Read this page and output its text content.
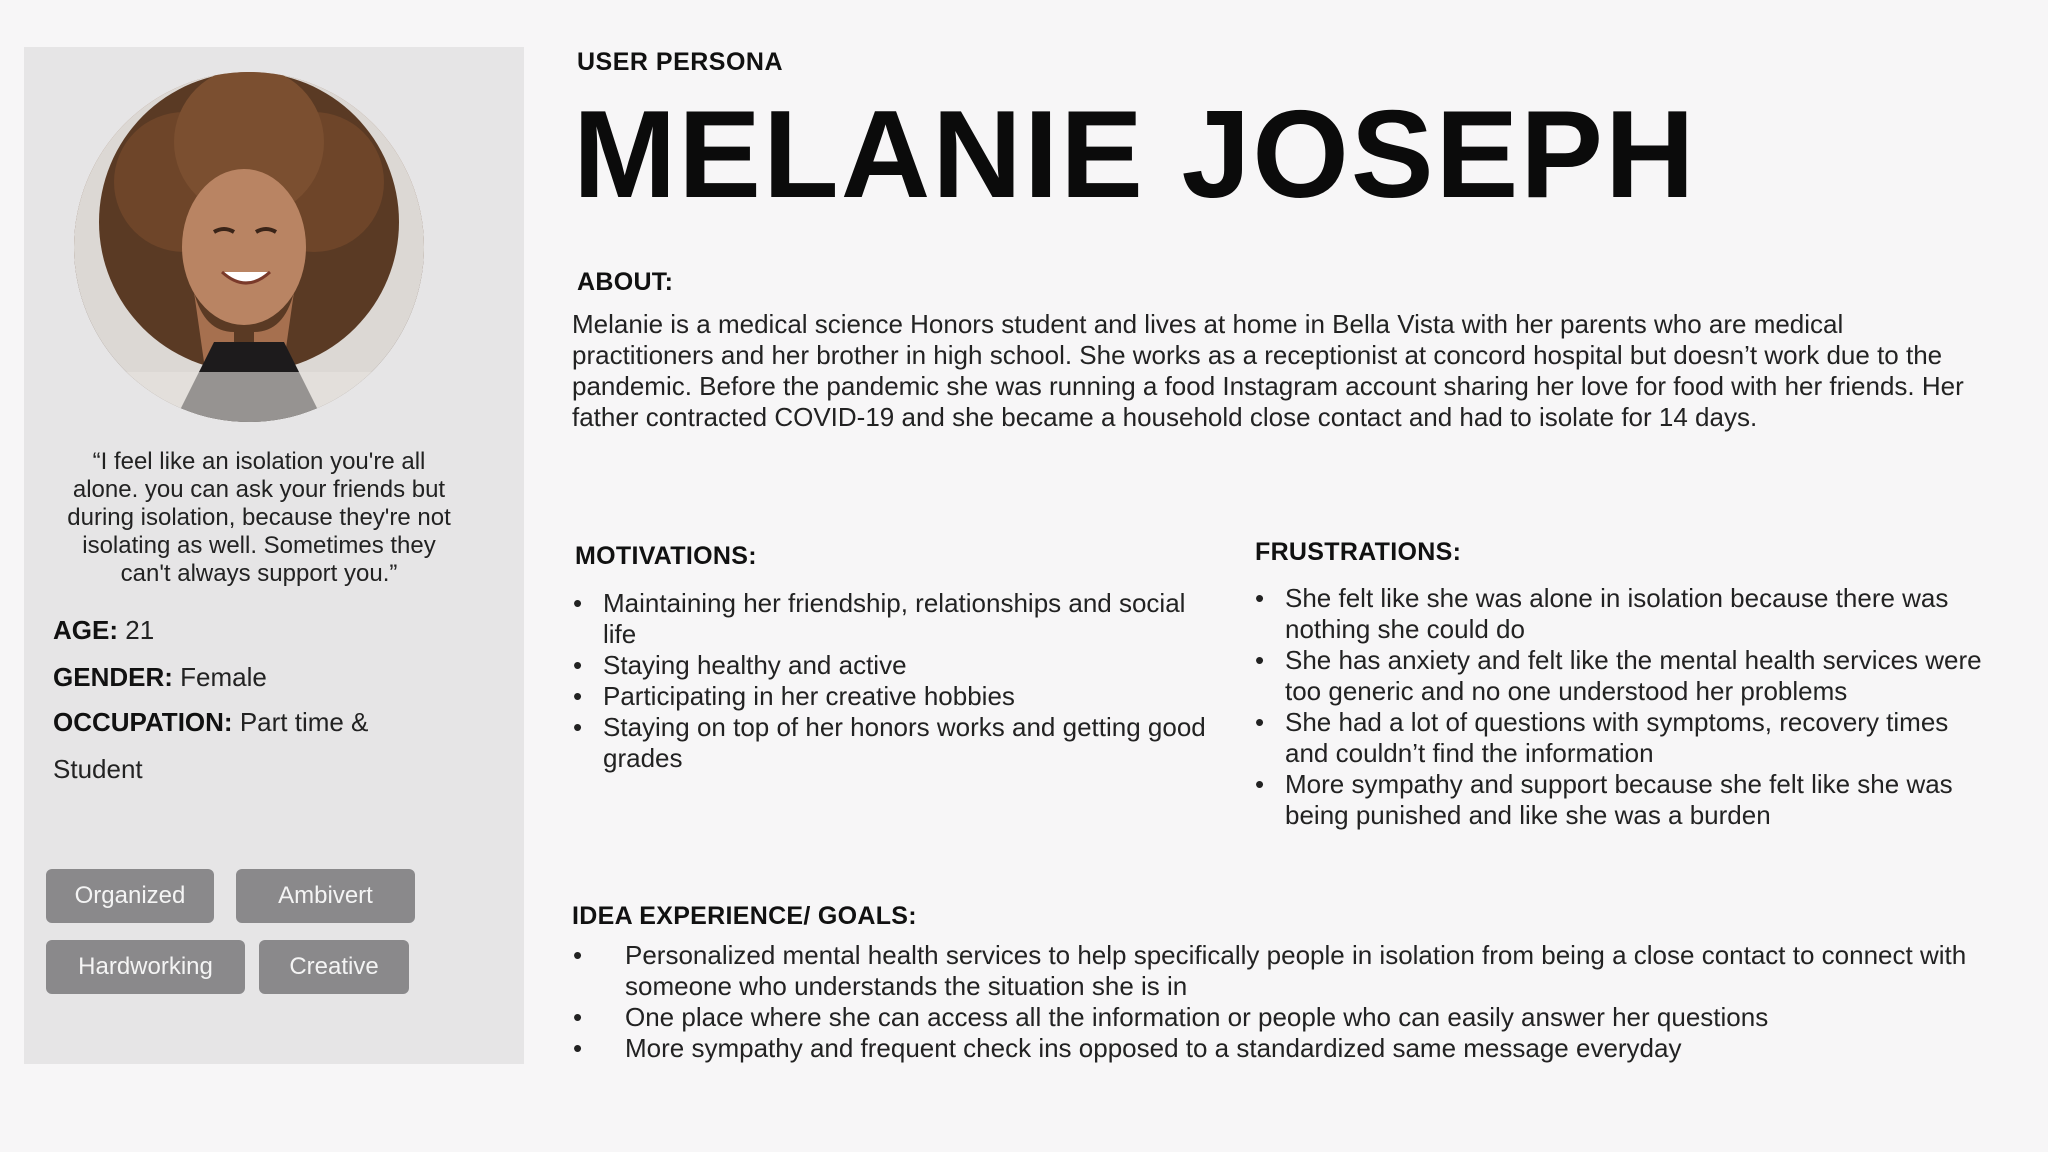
“I feel like an isolation you're all alone. you can ask your friends but during isolation, because they're not isolating as well. Sometimes they can't always support you.”
AGE: 21
GENDER: Female
OCCUPATION: Part time &
Student
Organized	Ambivert
Hardworking	Creative
USER PERSONA
MELANIE JOSEPH
ABOUT:
Melanie is a medical science Honors student and lives at home in Bella Vista with her parents who are medical practitioners and her brother in high school. She works as a receptionist at concord hospital but doesn’t work due to the pandemic. Before the pandemic she was running a food Instagram account sharing her love for food with her friends. Her father contracted COVID-19 and she became a household close contact and had to isolate for 14 days.
MOTIVATIONS:
• Maintaining her friendship, relationships and social life
• Staying healthy and active
• Participating in her creative hobbies
• Staying on top of her honors works and getting good grades
FRUSTRATIONS:
• She felt like she was alone in isolation because there was nothing she could do
• She has anxiety and felt like the mental health services were too generic and no one understood her problems
• She had a lot of questions with symptoms, recovery times and couldn’t find the information
• More sympathy and support because she felt like she was being punished and like she was a burden
IDEA EXPERIENCE/ GOALS:
• Personalized mental health services to help specifically people in isolation from being a close contact to connect with someone who understands the situation she is in
• One place where she can access all the information or people who can easily answer her questions
• More sympathy and frequent check ins opposed to a standardized same message everyday
